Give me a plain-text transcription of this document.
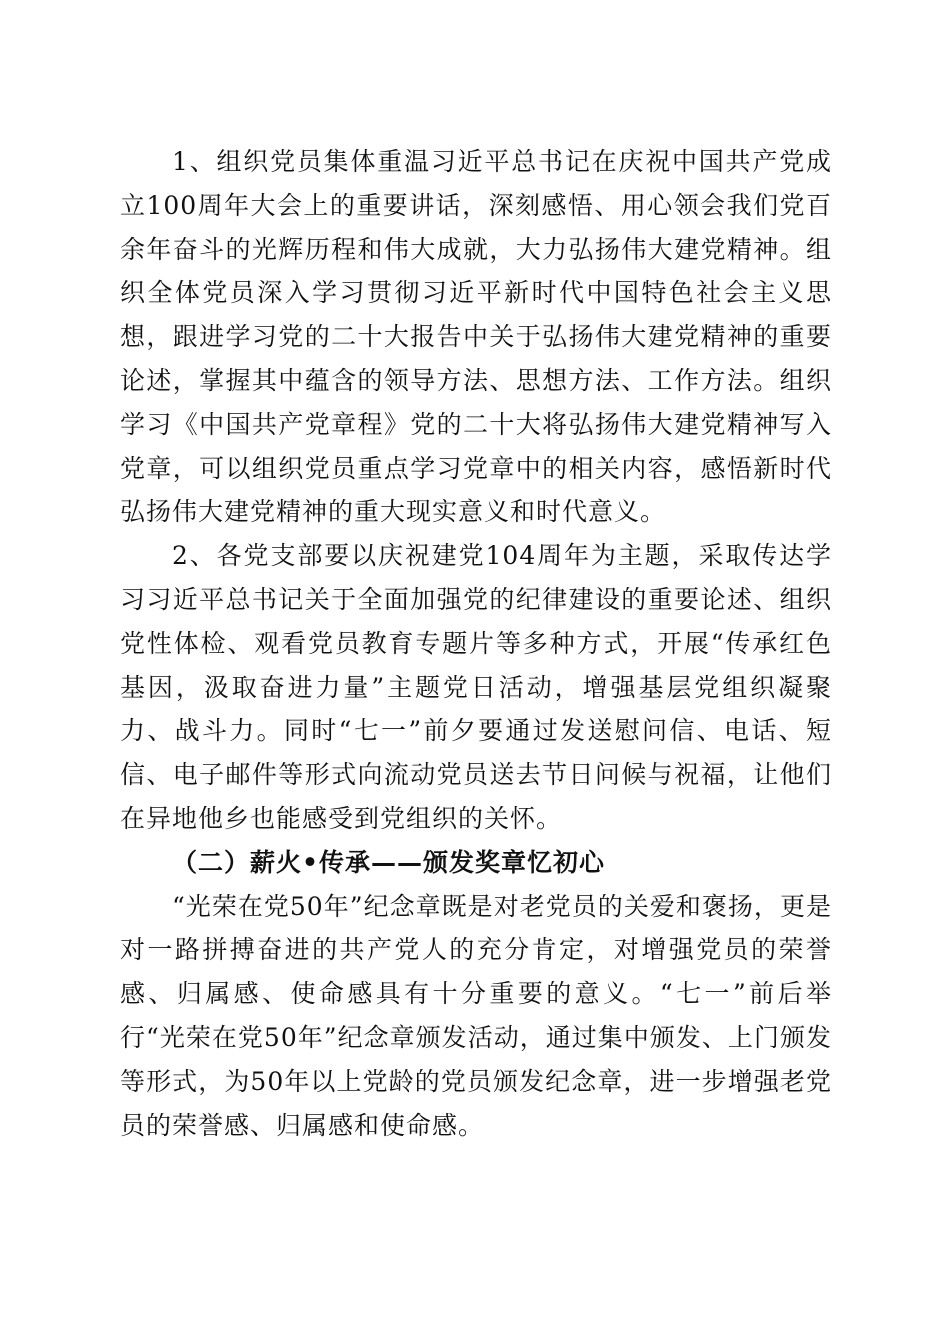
1、组织党员集体重温习近平总书记在庆祝中国共产党成立100周年大会上的重要讲话，深刻感悟、用心领会我们党百余年奋斗的光辉历程和伟大成就，大力弘扬伟大建党精神。组织全体党员深入学习贯彻习近平新时代中国特色社会主义思想，跟进学习党的二十大报告中关于弘扬伟大建党精神的重要论述，掌握其中蕴含的领导方法、思想方法、工作方法。组织学习《中国共产党章程》党的二十大将弘扬伟大建党精神写入党章，可以组织党员重点学习党章中的相关内容，感悟新时代弘扬伟大建党精神的重大现实意义和时代意义。

2、各党支部要以庆祝建党104周年为主题，采取传达学习习近平总书记关于全面加强党的纪律建设的重要论述、组织党性体检、观看党员教育专题片等多种方式，开展“传承红色基因，汲取奋进力量”主题党日活动，增强基层党组织凝聚力、战斗力。同时“七一”前夕要通过发送慰问信、电话、短信、电子邮件等形式向流动党员送去节日问候与祝福，让他们在异地他乡也能感受到党组织的关怀。

（二）薪火•传承——颁发奖章忆初心

“光荣在党50年”纪念章既是对老党员的关爱和褒扬，更是对一路拼搏奋进的共产党人的充分肯定，对增强党员的荣誉感、归属感、使命感具有十分重要的意义。“七一”前后举行“光荣在党50年”纪念章颁发活动，通过集中颁发、上门颁发等形式，为50年以上党龄的党员颁发纪念章，进一步增强老党员的荣誉感、归属感和使命感。
